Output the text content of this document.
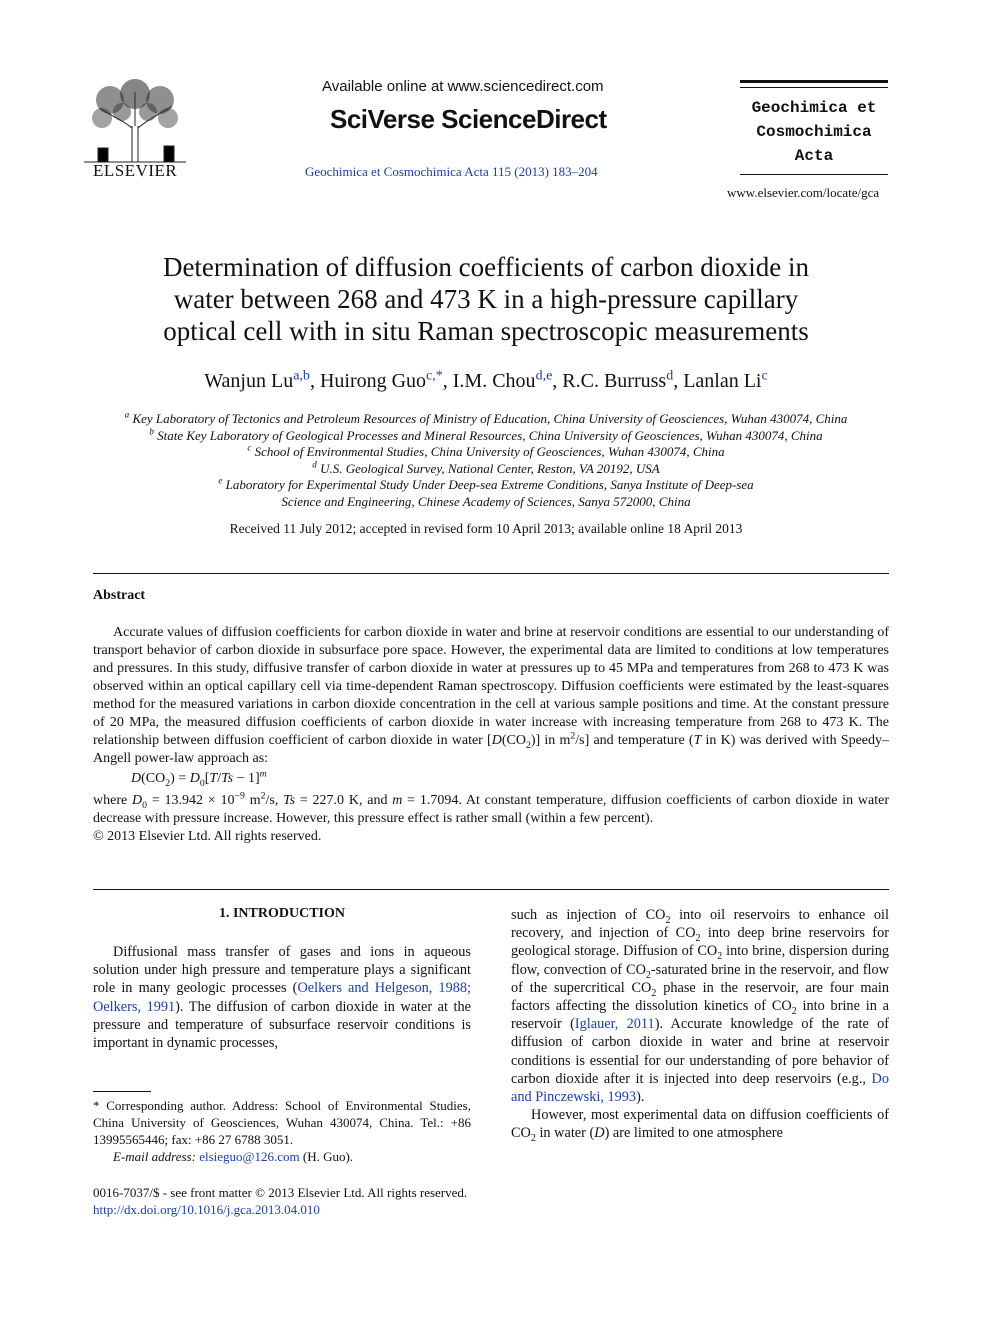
ELSEVIER
Available online at www.sciencedirect.com
SciVerse ScienceDirect
Geochimica et Cosmochimica Acta 115 (2013) 183–204
Geochimica et
Cosmochimica
Acta
www.elsevier.com/locate/gca
Determination of diffusion coefficients of carbon dioxide in
water between 268 and 473 K in a high-pressure capillary
optical cell with in situ Raman spectroscopic measurements
Wanjun Lu$^{a,b}$, Huirong Guo$^{c,*}$, I.M. Chou$^{d,e}$, R.C. Burruss$^d$, Lanlan Li$^c$
$^a$ Key Laboratory of Tectonics and Petroleum Resources of Ministry of Education, China University of Geosciences, Wuhan 430074, China
$^b$ State Key Laboratory of Geological Processes and Mineral Resources, China University of Geosciences, Wuhan 430074, China
$^c$ School of Environmental Studies, China University of Geosciences, Wuhan 430074, China
$^d$ U.S. Geological Survey, National Center, Reston, VA 20192, USA
$^e$ Laboratory for Experimental Study Under Deep-sea Extreme Conditions, Sanya Institute of Deep-sea
Science and Engineering, Chinese Academy of Sciences, Sanya 572000, China
Received 11 July 2012; accepted in revised form 10 April 2013; available online 18 April 2013
Abstract

Accurate values of diffusion coefficients for carbon dioxide in water and brine at reservoir conditions are essential to our understanding of transport behavior of carbon dioxide in subsurface pore space. However, the experimental data are limited to conditions at low temperatures and pressures. In this study, diffusive transfer of carbon dioxide in water at pressures up to 45 MPa and temperatures from 268 to 473 K was observed within an optical capillary cell via time-dependent Raman spectroscopy. Diffusion coefficients were estimated by the least-squares method for the measured variations in carbon dioxide concentration in the cell at various sample positions and time. At the constant pressure of 20 MPa, the measured diffusion coefficients of carbon dioxide in water increase with increasing temperature from 268 to 473 K. The relationship between diffusion coefficient of carbon dioxide in water $[D(CO_2)]$ in $m^2/s$] and temperature (T in K) was derived with Speedy–Angell power-law approach as:

$D(CO_2) = D_0[T/Ts - 1]^m$

where $D_0 = 13.942 \times 10^{-9}$ $m^2/s$, Ts = 227.0 K, and m = 1.7094. At constant temperature, diffusion coefficients of carbon dioxide in water decrease with pressure increase. However, this pressure effect is rather small (within a few percent).

© 2013 Elsevier Ltd. All rights reserved.

1. INTRODUCTION

Diffusional mass transfer of gases and ions in aqueous solution under high pressure and temperature plays a significant role in many geologic processes (Oelkers and Helgeson, 1988; Oelkers, 1991). The diffusion of carbon dioxide in water at the pressure and temperature of subsurface reservoir conditions is important in dynamic processes,

* Corresponding author. Address: School of Environmental Studies, China University of Geosciences, Wuhan 430074, China. Tel.: +86 13995565446; fax: +86 27 6788 3051.

E-mail address: elsieguo@126.com (H. Guo).

0016-7037/$ - see front matter © 2013 Elsevier Ltd. All rights reserved.
http://dx.doi.org/10.1016/j.gca.2013.04.010

such as injection of $CO_2$ into oil reservoirs to enhance oil recovery, and injection of $CO_2$ into deep brine reservoirs for geological storage. Diffusion of $CO_2$ into brine, dispersion during flow, convection of $CO_2$-saturated brine in the reservoir, and flow of the supercritical $CO_2$ phase in the reservoir, are four main factors affecting the dissolution kinetics of $CO_2$ into brine in a reservoir (Iglauer, 2011). Accurate knowledge of the rate of diffusion of carbon dioxide in water and brine at reservoir conditions is essential for our understanding of pore behavior of carbon dioxide after it is injected into deep reservoirs (e.g., Do and Pinczewski, 1993).

However, most experimental data on diffusion coefficients of $CO_2$ in water (D) are limited to one atmosphere
